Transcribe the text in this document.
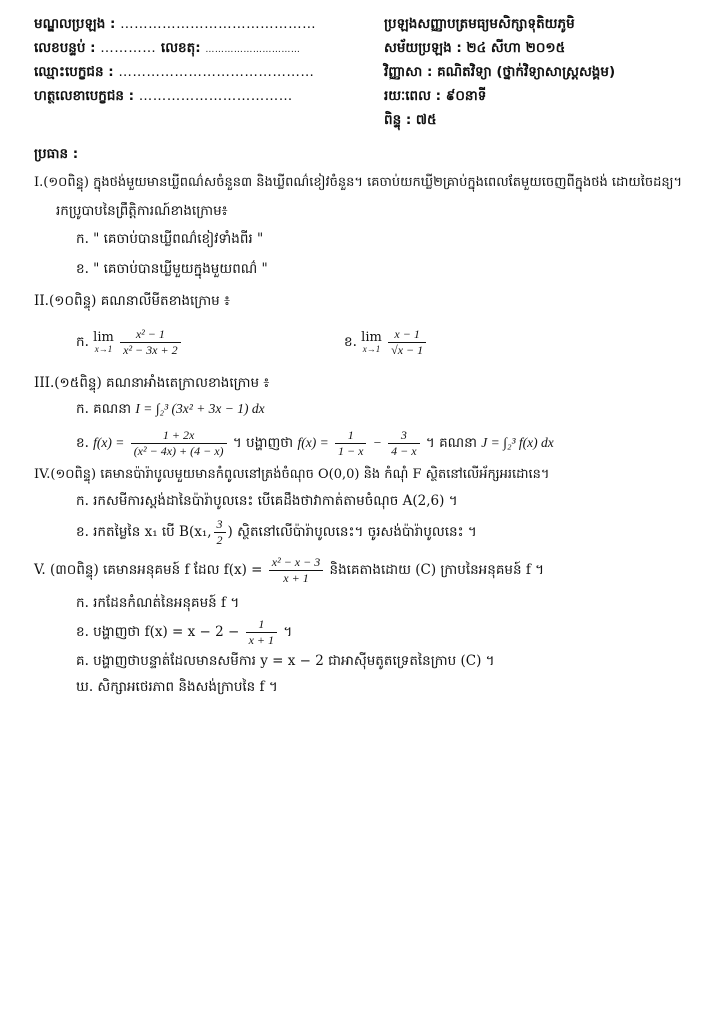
មណ្ឌលប្រឡង : ……………………………………
លេខបន្ទប់ : ………… លេខតុ: …………………………
ឈ្មោះបេក្ខជន : ……………………………………
ហត្ថលេខាបេក្ខជន : ……………………………
ប្រឡងសញ្ញាបត្រមធ្យមសិក្សាទុតិយភូមិ
សម័យប្រឡង : ២៤ សីហា ២០១៥
វិញ្ញាសា : គណិតវិទ្យា (ថ្នាក់វិទ្យាសាស្ត្រសង្គម)
រយៈពេល : ៩០នាទី
ពិន្ទុ : ៧៥
ប្រធាន :
I.(១០ពិន្ទុ) ក្នុងថង់មួយមានឃ្លីពណ៌សចំនួន៣ និងឃ្លីពណ៌ខៀវចំនួន។ គេចាប់យកឃ្លី២គ្រាប់ក្នុងពេលតែមួយចេញពីក្នុងថង់ ដោយចៃដន្យ។
រកប្រូបាបនៃព្រឹត្តិការណ៍ខាងក្រោម៖
ក. " គេចាប់បានឃ្លីពណ៌ខៀវទាំងពីរ "
ខ. " គេចាប់បានឃ្លីមួយក្នុងមួយពណ៌ "
II.(១០ពិន្ទុ) គណនាលីមីតខាងក្រោម ៖
ក. lim
x→1
$\frac{\text{x² − 1}}{\text{x² − 3x + 2}}$	ខ. lim
x→1
$\frac{x - 1}{√x - 1}$
III.(១៥ពិន្ទុ) គណនាអាំងតេក្រាលខាងក្រោម ៖
ក. គណនា I = ∫₂³ (3x² + 3x − 1) dx
ខ. $f(x) = \frac{1 + 2x}{\text{(x² − 4x) + (4 − x)}}$ ។ បង្ហាញថា $f(x) = \frac{1}{1 - x} - \frac{3}{4 - x}$ ។ គណនា J = ∫₂³ f(x) dx
IV.(១០ពិន្ទុ) គេមានប៉ារ៉ាបូលមួយមានកំពូលនៅត្រង់ចំណុច O(0,0) និង កំណុំ F ស្ថិតនៅលើអ័ក្សអរដោនេ។
ក. រកសមីការស្តង់ដានៃប៉ារ៉ាបូលនេះ បើគេដឹងថាវាកាត់តាមចំណុច A(2,6) ។
ខ. រកតម្លៃនៃ x₁ បើ B(x₁, $\frac{3}{2}$ ) ស្ថិតនៅលើប៉ារ៉ាបូលនេះ។ ចូរសង់ប៉ារ៉ាបូលនេះ ។
V. (៣០ពិន្ទុ) គេមានអនុគមន៍ f ដែល $f(x) = \frac{\text{x² − x − 3}}{x + 1}$ និងគេតាងដោយ (C) ក្រាបនៃអនុគមន៍ f ។
ក. រកដែនកំណត់នៃអនុគមន៍ f ។
ខ. បង្ហាញថា $f(x) = x - 2 - \frac{1}{x + 1}$ ។
គ. បង្ហាញថាបន្ទាត់ដែលមានសមីការ y = x − 2 ជាអាស៊ីមតូតទ្រេតនៃក្រាប (C) ។
ឃ. សិក្សាអថេរភាព និងសង់ក្រាបនៃ f ។
